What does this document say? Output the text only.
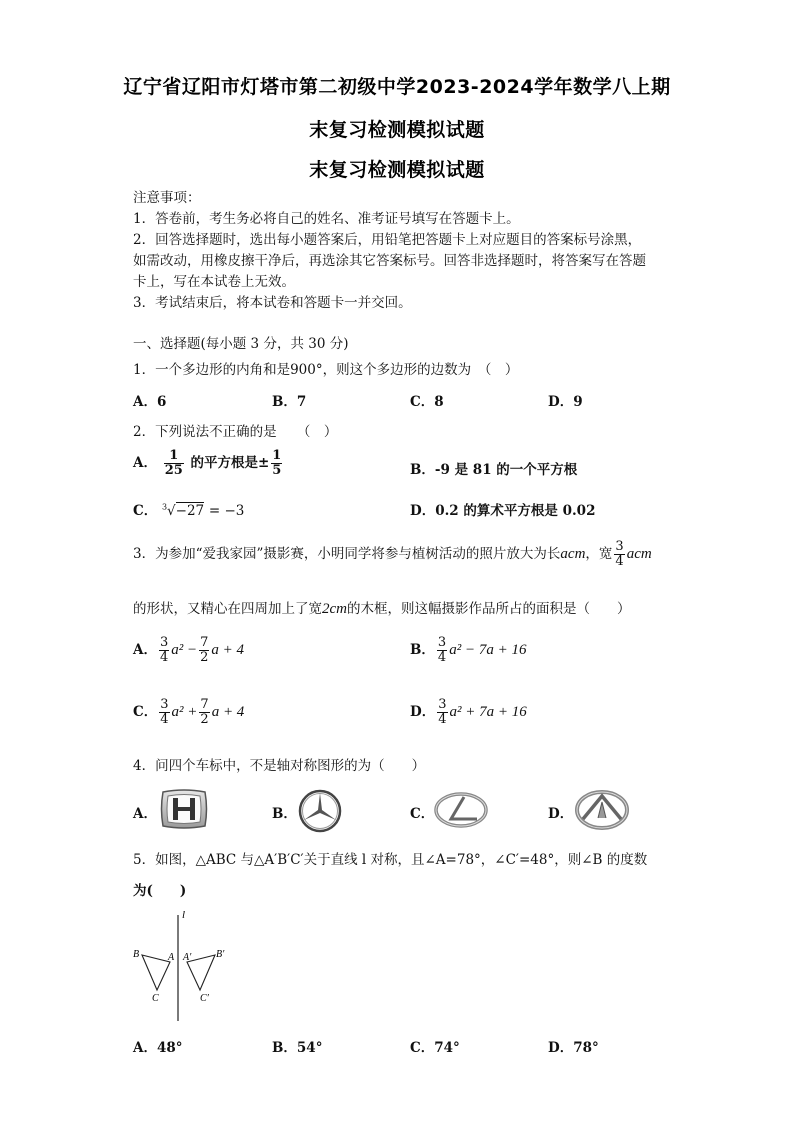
辽宁省辽阳市灯塔市第二初级中学2023-2024学年数学八上期
末复习检测模拟试题
末复习检测模拟试题
注意事项：
1．答卷前，考生务必将自己的姓名、准考证号填写在答题卡上。
2．回答选择题时，选出每小题答案后，用铅笔把答题卡上对应题目的答案标号涂黑，
如需改动，用橡皮擦干净后，再选涂其它答案标号。回答非选择题时，将答案写在答题
卡上，写在本试卷上无效。
3．考试结束后，将本试卷和答题卡一并交回。
一、选择题(每小题 3 分，共 30 分)
1．一个多边形的内角和是900°，则这个多边形的边数为　（　）
A．6	B．7	C．8	D．9
2．下列说法不正确的是　　（　）
A． $\frac{1}{25}$ 的平方根是± $\frac{1}{5}$	B．-9 是 81 的一个平方根
C． $^3$√−27 = −3	D．0.2 的算术平方根是 0.02
3．为参加“爱我家园”摄影赛，小明同学将参与植树活动的照片放大为长acm，宽 $\frac{3}{4}$ acm
的形状，又精心在四周加上了宽2cm的木框，则这幅摄影作品所占的面积是（　　）
A． $\frac{3}{4} a^2 - \frac{7}{2}$ a + 4	B． $\frac{3}{4} a^2 - 7a + 16$
C． $\frac{3}{4} a^2 + \frac{7}{2}$ a + 4	D． $\frac{3}{4} a^2 + 7a + 16$
4．问四个车标中，不是轴对称图形的为（　　）
A．	B．	C．	D．
5．如图，△ABC 与△A′B′C′关于直线 l 对称，且∠A=78°，∠C′=48°，则∠B 的度数
为(　　)
l
B	A
C
A′ B′
C′
A．48°	B．54°	C．74°	D．78°
